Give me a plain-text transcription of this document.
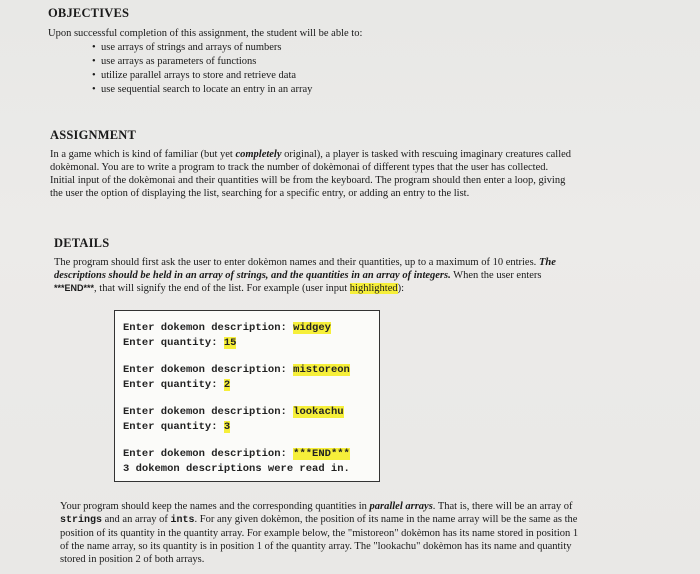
OBJECTIVES

Upon successful completion of this assignment, the student will be able to:

• use arrays of strings and arrays of numbers
• use arrays as parameters of functions
• utilize parallel arrays to store and retrieve data
• use sequential search to locate an entry in an array
ASSIGNMENT
In a game which is kind of familiar (but yet completely original), a player is tasked with rescuing imaginary creatures called
dokèmonal. You are to write a program to track the number of dokèmonai of different types that the user has collected.
Initial input of the dokèmonai and their quantities will be from the keyboard. The program should then enter a loop, giving
the user the option of displaying the list, searching for a specific entry, or adding an entry to the list.
DETAILS
The program should first ask the user to enter dokèmon names and their quantities, up to a maximum of 10 entries. The
descriptions should be held in an array of strings, and the quantities in an array of integers. When the user enters
***END***, that will signify the end of the list. For example (user input highlighted):
Enter dokemon description: widgey
Enter quantity: 15
Enter dokemon description: mistoreon
Enter quantity: 2
Enter dokemon description: lookachu
Enter quantity: 3
Enter dokemon description: ***END***
3 dokemon descriptions were read in.
Your program should keep the names and the corresponding quantities in parallel arrays. That is, there will be an array of
strings and an array of ints. For any given dokèmon, the position of its name in the name array will be the same as the
position of its quantity in the quantity array. For example below, the "mistoreon" dokèmon has its name stored in position 1
of the name array, so its quantity is in position 1 of the quantity array. The "lookachu" dokèmon has its name and quantity
stored in position 2 of both arrays.
